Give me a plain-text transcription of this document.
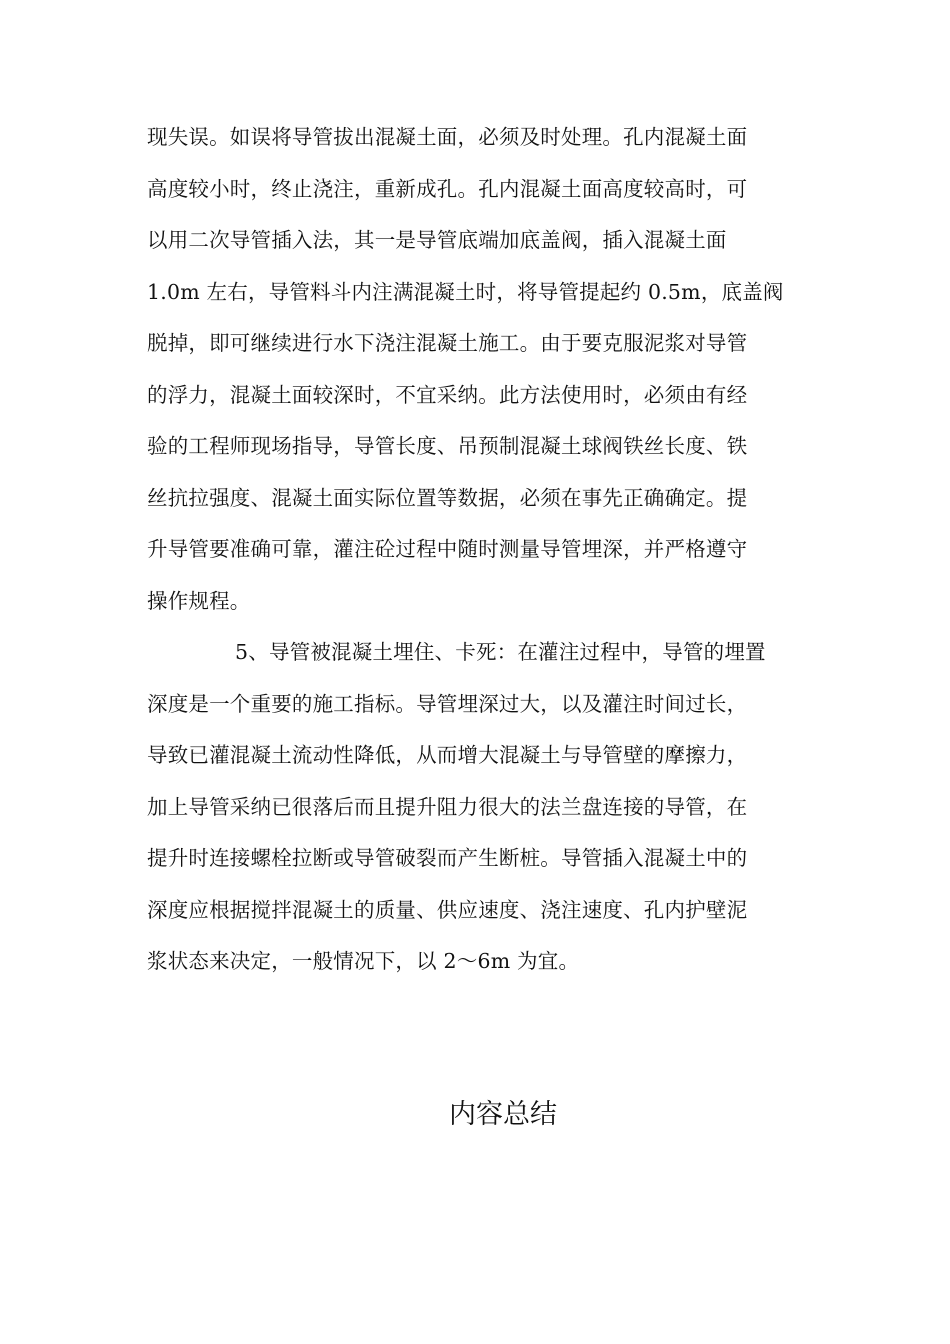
现失误。如误将导管拔出混凝土面，必须及时处理。孔内混凝土面
高度较小时，终止浇注，重新成孔。孔内混凝土面高度较高时，可
以用二次导管插入法，其一是导管底端加底盖阀，插入混凝土面
1.0m 左右，导管料斗内注满混凝土时，将导管提起约 0.5m，底盖阀
脱掉，即可继续进行水下浇注混凝土施工。由于要克服泥浆对导管
的浮力，混凝土面较深时，不宜采纳。此方法使用时，必须由有经
验的工程师现场指导，导管长度、吊预制混凝土球阀铁丝长度、铁
丝抗拉强度、混凝土面实际位置等数据，必须在事先正确确定。提
升导管要准确可靠，灌注砼过程中随时测量导管埋深，并严格遵守
操作规程。
5、导管被混凝土埋住、卡死：在灌注过程中，导管的埋置
深度是一个重要的施工指标。导管埋深过大，以及灌注时间过长，
导致已灌混凝土流动性降低，从而增大混凝土与导管壁的摩擦力，
加上导管采纳已很落后而且提升阻力很大的法兰盘连接的导管，在
提升时连接螺栓拉断或导管破裂而产生断桩。导管插入混凝土中的
深度应根据搅拌混凝土的质量、供应速度、浇注速度、孔内护壁泥
浆状态来决定，一般情况下，以 2～6m 为宜。
内容总结
